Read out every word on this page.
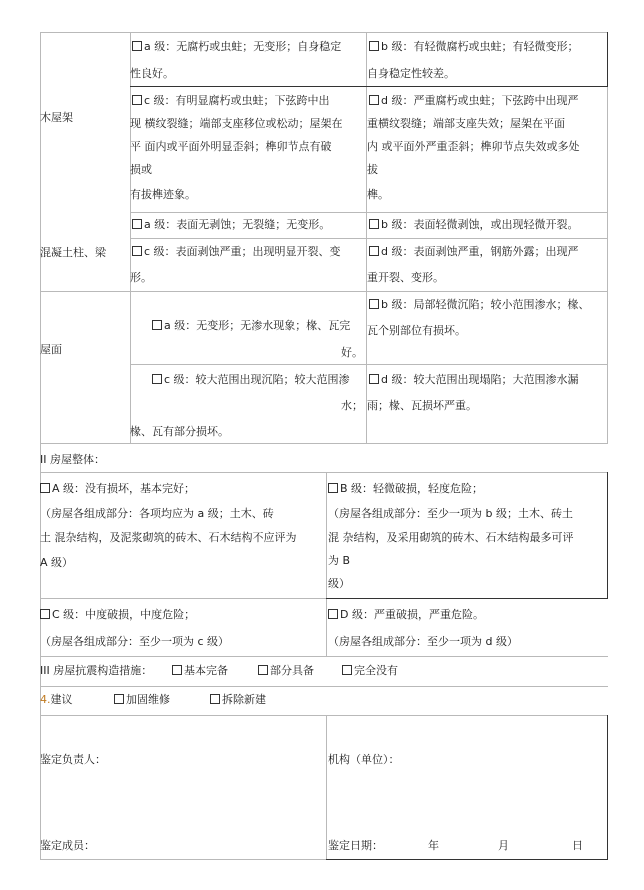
木屋架
a 级：无腐朽或虫蛀；无变形；自身稳定
性良好。
b 级：有轻微腐朽或虫蛀；有轻微变形；
自身稳定性较差。
c 级：有明显腐朽或虫蛀；下弦跨中出
现 横纹裂缝；端部支座移位或松动；屋架在
平 面内或平面外明显歪斜；榫卯节点有破
损或
有拔榫迹象。
d 级：严重腐朽或虫蛀；下弦跨中出现严
重横纹裂缝；端部支座失效；屋架在平面
内 或平面外严重歪斜；榫卯节点失效或多处
拔
榫。
混凝土柱、梁
a 级：表面无剥蚀；无裂缝；无变形。	b 级：表面轻微剥蚀，或出现轻微开裂。
c 级：表面剥蚀严重；出现明显开裂、变
形。
d 级：表面剥蚀严重，钢筋外露；出现严
重开裂、变形。
屋面
a 级：无变形；无渗水现象；椽、瓦完
好。
b 级：局部轻微沉陷；较小范围渗水；椽、
瓦个别部位有损坏。
c 级：较大范围出现沉陷；较大范围渗
水；
椽、瓦有部分损坏。
d 级：较大范围出现塌陷；大范围渗水漏
雨；椽、瓦损坏严重。
II 房屋整体：
A 级：没有损坏，基本完好；
（房屋各组成部分：各项均应为 a 级；土木、砖
土 混杂结构，及泥浆砌筑的砖木、石木结构不应评为
A 级）
B 级：轻微破损，轻度危险；
（房屋各组成部分：至少一项为 b 级；土木、砖土
混 杂结构，及采用砌筑的砖木、石木结构最多可评
为 B
级）
C 级：中度破损，中度危险；
（房屋各组成部分：至少一项为 c 级）
D 级：严重破损，严重危险。
（房屋各组成部分：至少一项为 d 级）
III 房屋抗震构造措施：	基本完备	部分具备	完全没有
4.建议	加固维修	拆除新建
鉴定负责人：	机构（单位）：
鉴定成员：	鉴定日期：	年	月	日
